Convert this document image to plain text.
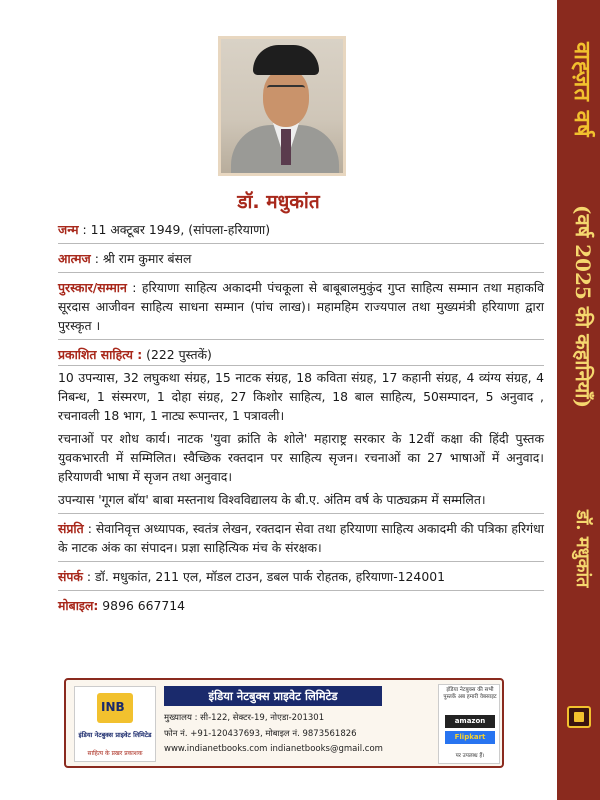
वाह्ज़त वर्ष
(वर्ष 2025 की कहानियाँ)
डॉ. मधुकांत
डॉ. मधुकांत

जन्म : 11 अक्टूबर 1949, (सांपला-हरियाणा)

आत्मज : श्री राम कुमार बंसल

पुरस्कार/सम्मान : हरियाणा साहित्य अकादमी पंचकूला से बाबूबालमुकुंद गुप्त साहित्य सम्मान तथा महाकवि सूरदास आजीवन साहित्य साधना सम्मान (पांच लाख)। महामहिम राज्यपाल तथा मुख्यमंत्री हरियाणा द्वारा पुरस्कृत ।

प्रकाशित साहित्य : (222 पुस्तकें)

10 उपन्यास, 32 लघुकथा संग्रह, 15 नाटक संग्रह, 18 कविता संग्रह, 17 कहानी संग्रह, 4 व्यंग्य संग्रह, 4 निबन्ध, 1 संस्मरण, 1 दोहा संग्रह, 27 किशोर साहित्य, 18 बाल साहित्य, 50सम्पादन, 5 अनुवाद , रचनावली 18 भाग, 1 नाट्य रूपान्तर, 1 पत्रावली।

रचनाओं पर शोध कार्य। नाटक 'युवा क्रांति के शोले' महाराष्ट्र सरकार के 12वीं कक्षा की हिंदी पुस्तक युवकभारती में सम्मिलित। स्वैच्छिक रक्तदान पर साहित्य सृजन। रचनाओं का 27 भाषाओं में अनुवाद। हरियाणवी भाषा में सृजन तथा अनुवाद।

उपन्यास 'गूगल बॉय' बाबा मस्तनाथ विश्वविद्यालय के बी.ए. अंतिम वर्ष के पाठ्यक्रम में सम्मलित।

संप्रति : सेवानिवृत्त अध्यापक, स्वतंत्र लेखन, रक्तदान सेवा तथा हरियाणा साहित्य अकादमी की पत्रिका हरिगंधा के नाटक अंक का संपादन। प्रज्ञा साहित्यिक मंच के संरक्षक।

संपर्क : डॉ. मधुकांत, 211 एल, मॉडल टाउन, डबल पार्क रोहतक, हरियाणा-124001

मोबाइल: 9896 667714

INB
इंडिया नेटबुक्स प्राइवेट लिमिटेड
साहित्य के प्रखर प्रकाशक
इंडिया नेटबुक्स प्राइवेट लिमिटेड
मुख्यालय : सी-122, सेक्टर-19, नोएडा-201301
फोन नं. +91-120437693, मोबाइल नं. 9873561826
www.indianetbooks.com indianetbooks@gmail.com
इंडिया नेटबुक्स की सभी पुस्तकें अब हमारी वेबसाइट
amazon
Flipkart
पर उपलब्ध हैं।
